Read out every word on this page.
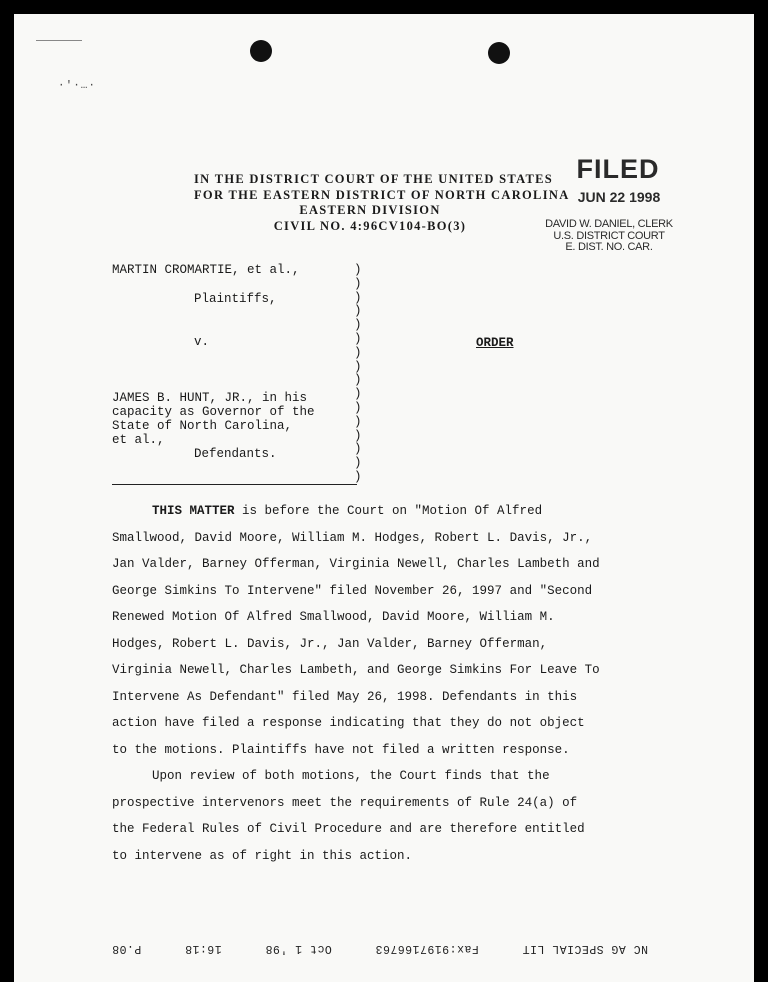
·′·…·
IN THE DISTRICT COURT OF THE UNITED STATES
FOR THE EASTERN DISTRICT OF NORTH CAROLINA
EASTERN DIVISION
CIVIL NO. 4:96CV104-BO(3)
FILED
JUN 22 1998
DAVID W. DANIEL, CLERK
U.S. DISTRICT COURT
E. DIST. NO. CAR.
MARTIN CROMARTIE, et al.,
Plaintiffs,
v.
JAMES B. HUNT, JR., in his
capacity as Governor of the
State of North Carolina,
et al.,
Defendants.
)
)
)
)
)
)
)
)
)
)
)
)
)
)
)
)
ORDER
THIS MATTER is before the Court on "Motion Of Alfred
Smallwood, David Moore, William M. Hodges, Robert L. Davis, Jr.,
Jan Valder, Barney Offerman, Virginia Newell, Charles Lambeth and
George Simkins To Intervene" filed November 26, 1997 and "Second
Renewed Motion Of Alfred Smallwood, David Moore, William M.
Hodges, Robert L. Davis, Jr., Jan Valder, Barney Offerman,
Virginia Newell, Charles Lambeth, and George Simkins For Leave To
Intervene As Defendant" filed May 26, 1998. Defendants in this
action have filed a response indicating that they do not object
to the motions. Plaintiffs have not filed a written response.
Upon review of both motions, the Court finds that the
prospective intervenors meet the requirements of Rule 24(a) of
the Federal Rules of Civil Procedure and are therefore entitled
to intervene as of right in this action.
NC AG SPECIAL LIT Fax:9197166763 Oct 1 '98 16:18 P.08
